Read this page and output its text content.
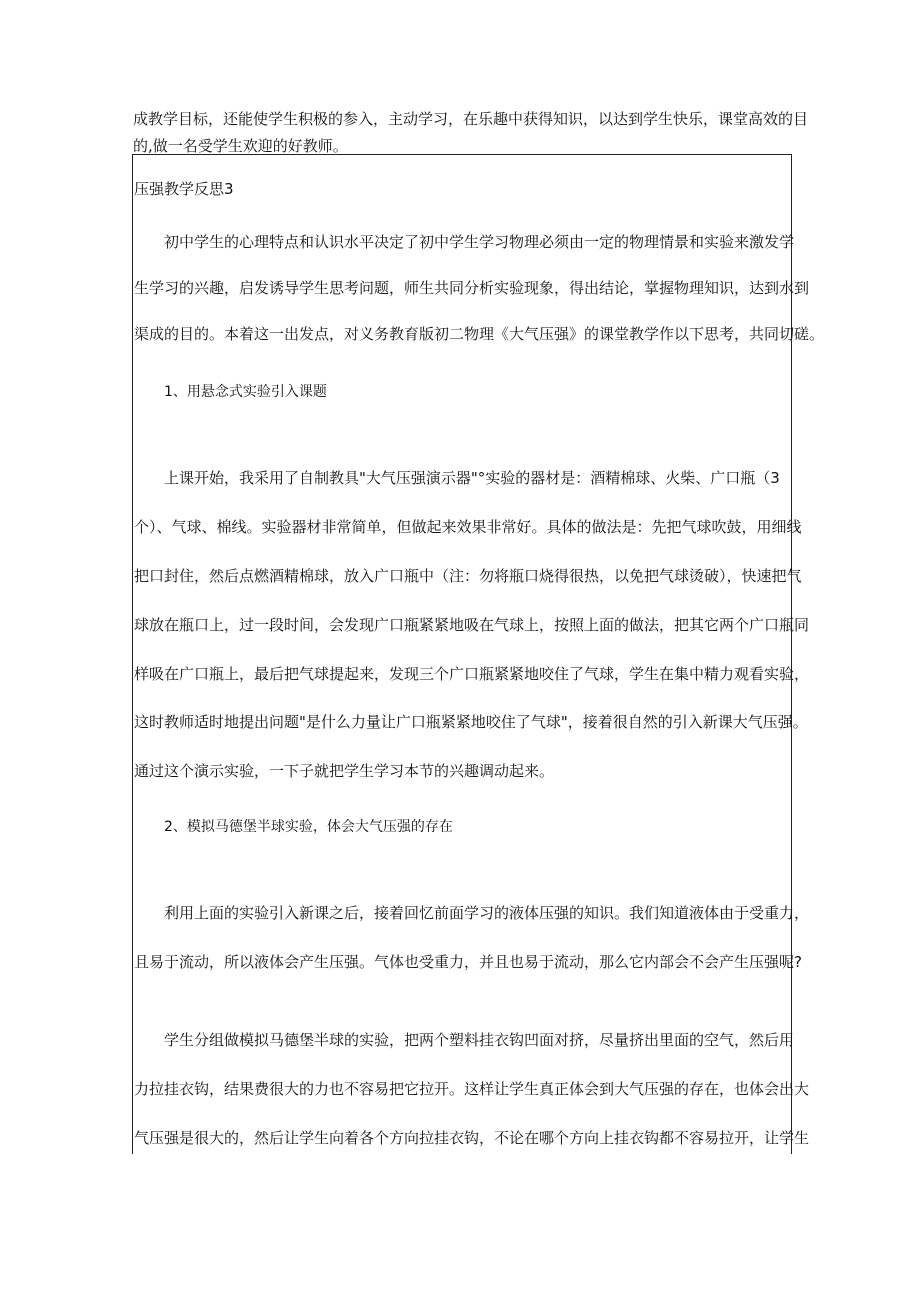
成教学目标，还能使学生积极的参入，主动学习，在乐趣中获得知识，以达到学生快乐，课堂高效的目

的,做一名受学生欢迎的好教师。

压强教学反思3
初中学生的心理特点和认识水平决定了初中学生学习物理必须由一定的物理情景和实验来激发学
生学习的兴趣，启发诱导学生思考问题，师生共同分析实验现象，得出结论，掌握物理知识，达到水到
渠成的目的。本着这一出发点，对义务教育版初二物理《大气压强》的课堂教学作以下思考，共同切磋。
1、用悬念式实验引入课题
上课开始，我采用了自制教具"大气压强演示器"°实验的器材是：酒精棉球、火柴、广口瓶（3
个）、气球、棉线。实验器材非常简单，但做起来效果非常好。具体的做法是：先把气球吹鼓，用细线
把口封住，然后点燃酒精棉球，放入广口瓶中（注：勿将瓶口烧得很热，以免把气球烫破），快速把气
球放在瓶口上，过一段时间，会发现广口瓶紧紧地吸在气球上，按照上面的做法，把其它两个广口瓶同
样吸在广口瓶上，最后把气球提起来，发现三个广口瓶紧紧地咬住了气球，学生在集中精力观看实验，
这时教师适时地提出问题"是什么力量让广口瓶紧紧地咬住了气球"，接着很自然的引入新课大气压强。
通过这个演示实验，一下子就把学生学习本节的兴趣调动起来。
2、模拟马德堡半球实验，体会大气压强的存在
利用上面的实验引入新课之后，接着回忆前面学习的液体压强的知识。我们知道液体由于受重力，
且易于流动，所以液体会产生压强。气体也受重力，并且也易于流动，那么它内部会不会产生压强呢?
学生分组做模拟马德堡半球的实验，把两个塑料挂衣钩凹面对挤，尽量挤出里面的空气，然后用
力拉挂衣钩，结果费很大的力也不容易把它拉开。这样让学生真正体会到大气压强的存在，也体会出大
气压强是很大的，然后让学生向着各个方向拉挂衣钩，不论在哪个方向上挂衣钩都不容易拉开，让学生
